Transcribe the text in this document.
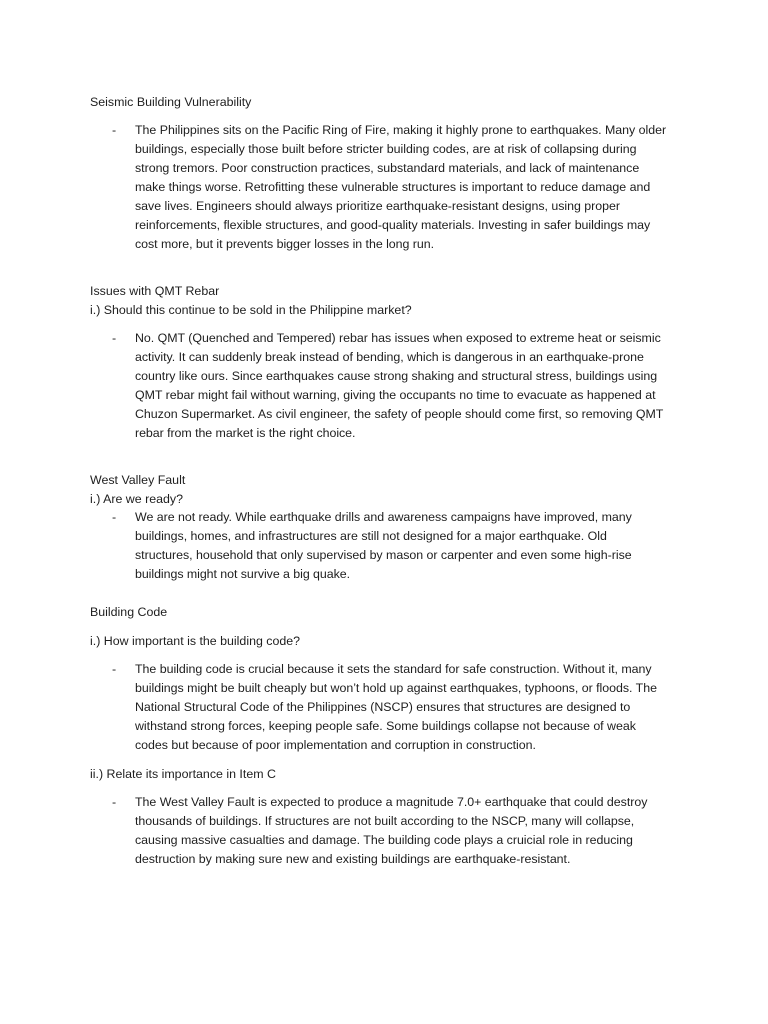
Seismic Building Vulnerability
- The Philippines sits on the Pacific Ring of Fire, making it highly prone to earthquakes. Many older
buildings, especially those built before stricter building codes, are at risk of collapsing during
strong tremors. Poor construction practices, substandard materials, and lack of maintenance
make things worse. Retrofitting these vulnerable structures is important to reduce damage and
save lives. Engineers should always prioritize earthquake-resistant designs, using proper
reinforcements, flexible structures, and good-quality materials. Investing in safer buildings may
cost more, but it prevents bigger losses in the long run.
Issues with QMT Rebar
i.) Should this continue to be sold in the Philippine market?
- No. QMT (Quenched and Tempered) rebar has issues when exposed to extreme heat or seismic
activity. It can suddenly break instead of bending, which is dangerous in an earthquake-prone
country like ours. Since earthquakes cause strong shaking and structural stress, buildings using
QMT rebar might fail without warning, giving the occupants no time to evacuate as happened at
Chuzon Supermarket. As civil engineer, the safety of people should come first, so removing QMT
rebar from the market is the right choice.
West Valley Fault
i.) Are we ready?
- We are not ready. While earthquake drills and awareness campaigns have improved, many
buildings, homes, and infrastructures are still not designed for a major earthquake. Old
structures, household that only supervised by mason or carpenter and even some high-rise
buildings might not survive a big quake.
Building Code
i.) How important is the building code?
- The building code is crucial because it sets the standard for safe construction. Without it, many
buildings might be built cheaply but won’t hold up against earthquakes, typhoons, or floods. The
National Structural Code of the Philippines (NSCP) ensures that structures are designed to
withstand strong forces, keeping people safe. Some buildings collapse not because of weak
codes but because of poor implementation and corruption in construction.
ii.) Relate its importance in Item C
- The West Valley Fault is expected to produce a magnitude 7.0+ earthquake that could destroy
thousands of buildings. If structures are not built according to the NSCP, many will collapse,
causing massive casualties and damage. The building code plays a cruicial role in reducing
destruction by making sure new and existing buildings are earthquake-resistant.
